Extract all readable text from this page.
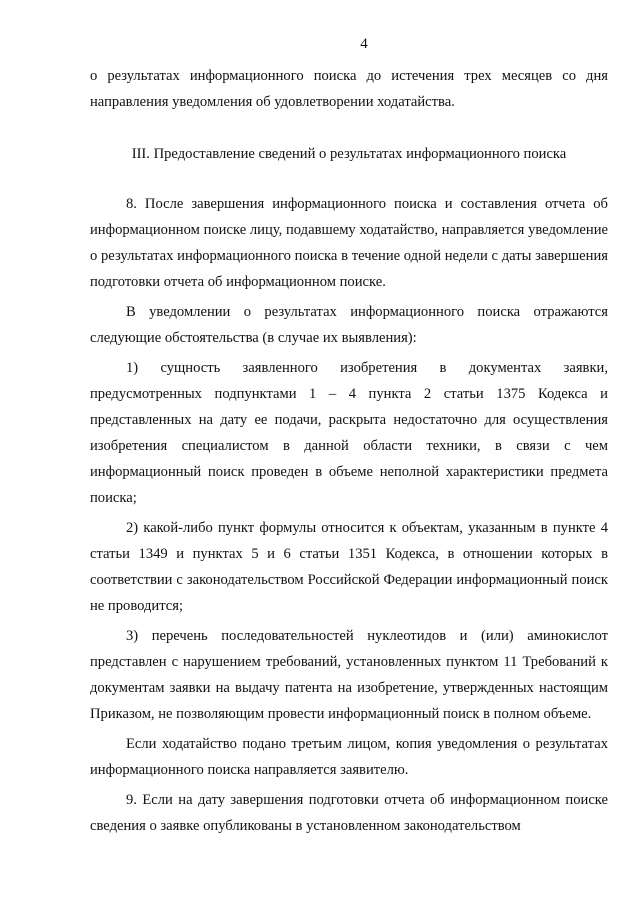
4

о результатах информационного поиска до истечения трех месяцев со дня направления уведомления об удовлетворении ходатайства.

III. Предоставление сведений о результатах информационного поиска

8. После завершения информационного поиска и составления отчета об информационном поиске лицу, подавшему ходатайство, направляется уведомление о результатах информационного поиска в течение одной недели с даты завершения подготовки отчета об информационном поиске.

В уведомлении о результатах информационного поиска отражаются следующие обстоятельства (в случае их выявления):

1) сущность заявленного изобретения в документах заявки, предусмотренных подпунктами 1 – 4 пункта 2 статьи 1375 Кодекса и представленных на дату ее подачи, раскрыта недостаточно для осуществления изобретения специалистом в данной области техники, в связи с чем информационный поиск проведен в объеме неполной характеристики предмета поиска;

2) какой-либо пункт формулы относится к объектам, указанным в пункте 4 статьи 1349 и пунктах 5 и 6 статьи 1351 Кодекса, в отношении которых в соответствии с законодательством Российской Федерации информационный поиск не проводится;

3) перечень последовательностей нуклеотидов и (или) аминокислот представлен с нарушением требований, установленных пунктом 11 Требований к документам заявки на выдачу патента на изобретение, утвержденных настоящим Приказом, не позволяющим провести информационный поиск в полном объеме.

Если ходатайство подано третьим лицом, копия уведомления о результатах информационного поиска направляется заявителю.

9. Если на дату завершения подготовки отчета об информационном поиске сведения о заявке опубликованы в установленном законодательством
